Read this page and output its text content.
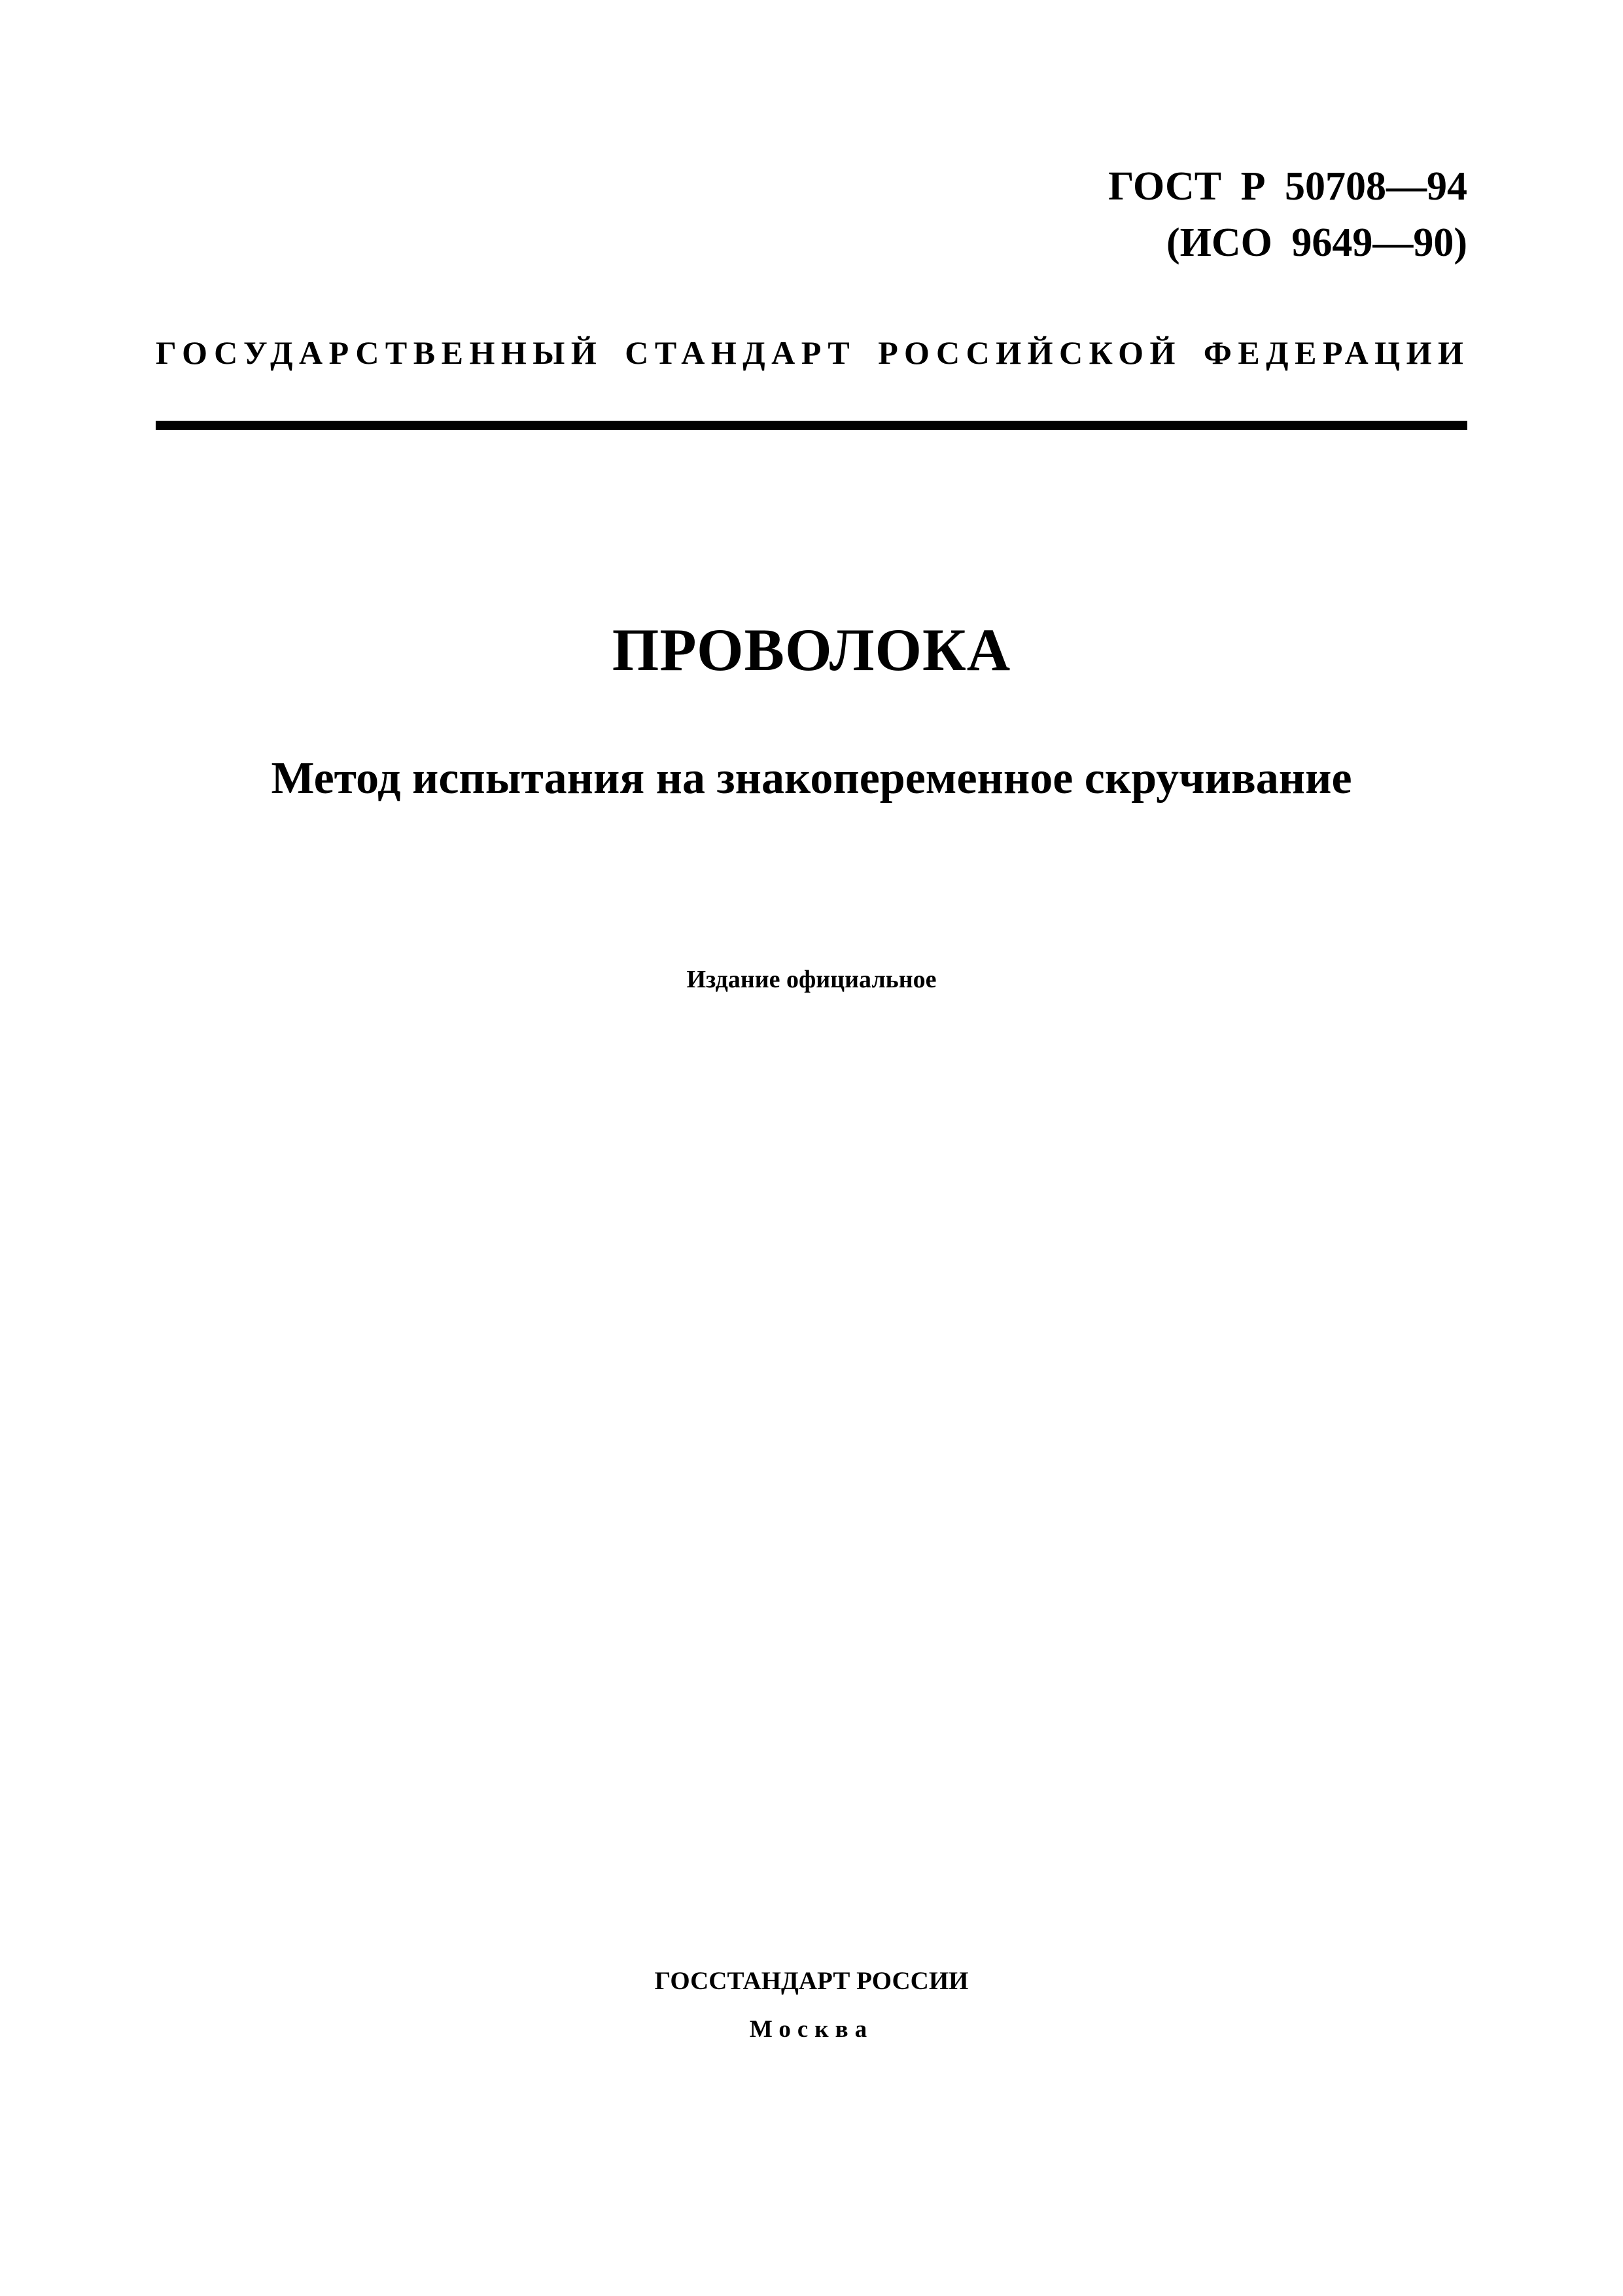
ГОСТ Р 50708—94
(ИСО 9649—90)
ГОСУДАРСТВЕННЫЙ СТАНДАРТ РОССИЙСКОЙ ФЕДЕРАЦИИ
ПРОВОЛОКА
Метод испытания на знакопеременное скручивание
Издание официальное
ГОССТАНДАРТ РОССИИ
Москва
